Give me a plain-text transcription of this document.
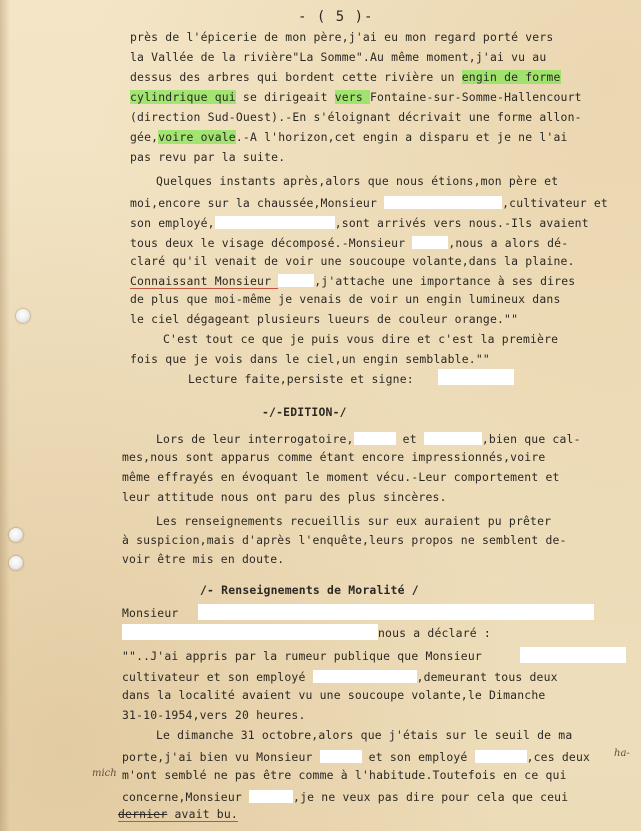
- ( 5 )-
près de l'épicerie de mon père,j'ai eu mon regard porté vers
la Vallée de la rivière"La Somme".Au même moment,j'ai vu au
dessus des arbres qui bordent cette rivière un engin de forme
cylindrique qui se dirigeait vers Fontaine-sur-Somme-Hallencourt
(direction Sud-Ouest).-En s'éloignant décrivait une forme allon-
gée,voire ovale.-A l'horizon,cet engin a disparu et je ne l'ai
pas revu par la suite.
Quelques instants après,alors que nous étions,mon père et
moi,encore sur la chaussée,Monsieur	,cultivateur et
son employé,	,sont arrivés vers nous.-Ils avaient
tous deux le visage décomposé.-Monsieur	,nous a alors dé-
claré qu'il venait de voir une soucoupe volante,dans la plaine.
Connaissant Monsieur	,j'attache une importance à ses dires
de plus que moi-même je venais de voir un engin lumineux dans
le ciel dégageant plusieurs lueurs de couleur orange.""
C'est tout ce que je puis vous dire et c'est la première
fois que je vois dans le ciel,un engin semblable.""
Lecture faite,persiste et signe:
-/-EDITION-/
Lors de leur interrogatoire,	et	,bien que cal-
mes,nous sont apparus comme étant encore impressionnés,voire
même effrayés en évoquant le moment vécu.-Leur comportement et
leur attitude nous ont paru des plus sincères.
Les renseignements recueillis sur eux auraient pu prêter
à suspicion,mais d'après l'enquête,leurs propos ne semblent de-
voir être mis en doute.
/- Renseignements de Moralité /
Monsieur
nous a déclaré :
""..J'ai appris par la rumeur publique que Monsieur
cultivateur et son employé	,demeurant tous deux
dans la localité avaient vu une soucoupe volante,le Dimanche
31-10-1954,vers 20 heures.
Le dimanche 31 octobre,alors que j'étais sur le seuil de ma
porte,j'ai bien vu Monsieur	et son employé	,ces deux
m'ont semblé ne pas être comme à l'habitude.Toutefois en ce qui
concerne,Monsieur	,je ne veux pas dire pour cela que ceui
dernier avait bu.
mich
ha-
